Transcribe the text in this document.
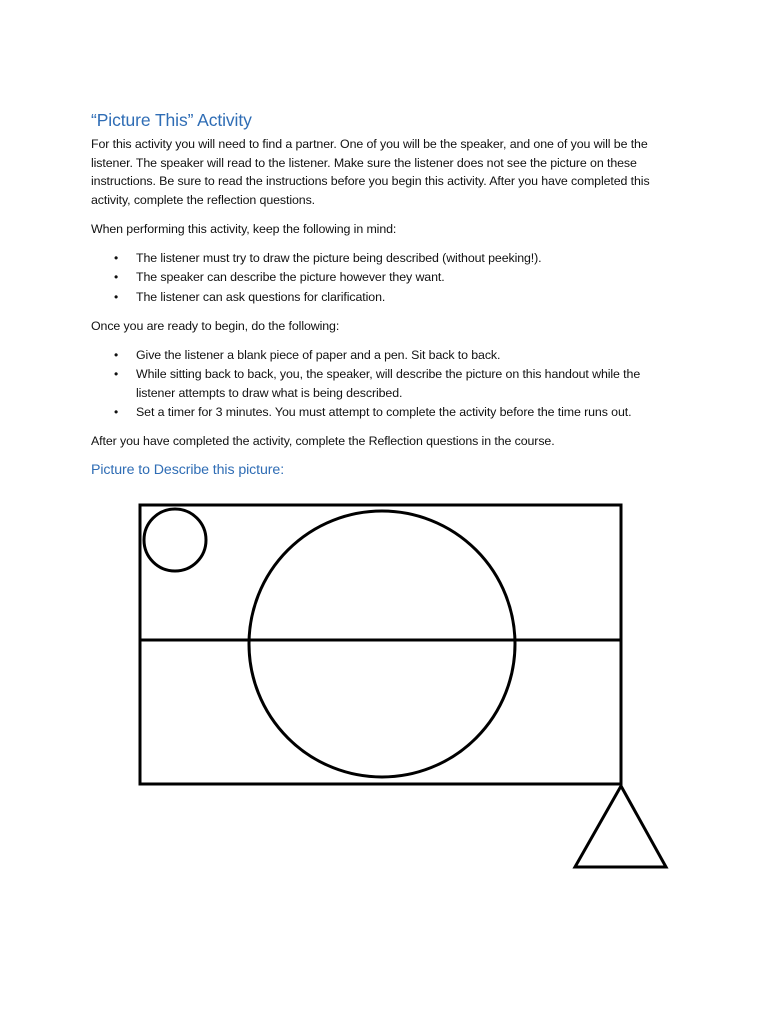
“Picture This” Activity

For this activity you will need to find a partner. One of you will be the speaker, and one of you will be the listener. The speaker will read to the listener. Make sure the listener does not see the picture on these instructions. Be sure to read the instructions before you begin this activity. After you have completed this activity, complete the reflection questions.

When performing this activity, keep the following in mind:

• The listener must try to draw the picture being described (without peeking!).
• The speaker can describe the picture however they want.
• The listener can ask questions for clarification.

Once you are ready to begin, do the following:

• Give the listener a blank piece of paper and a pen. Sit back to back.
• While sitting back to back, you, the speaker, will describe the picture on this handout while the listener attempts to draw what is being described.
• Set a timer for 3 minutes. You must attempt to complete the activity before the time runs out.

After you have completed the activity, complete the Reflection questions in the course.

Picture to Describe this picture:
